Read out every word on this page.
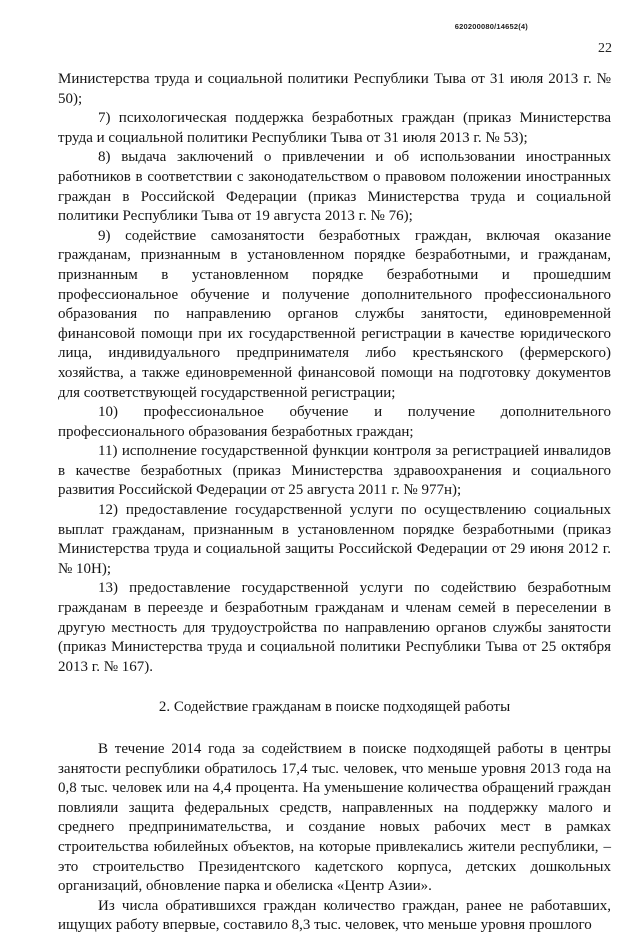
620200080/14652(4)
22

Министерства труда и социальной политики Республики Тыва от 31 июля 2013 г. № 50);

7) психологическая поддержка безработных граждан (приказ Министерства труда и социальной политики Республики Тыва от 31 июля 2013 г. № 53);

8) выдача заключений о привлечении и об использовании иностранных работников в соответствии с законодательством о правовом положении иностранных граждан в Российской Федерации (приказ Министерства труда и социальной политики Республики Тыва от 19 августа 2013 г. № 76);

9) содействие самозанятости безработных граждан, включая оказание гражданам, признанным в установленном порядке безработными, и гражданам, признанным в установленном порядке безработными и прошедшим профессиональное обучение и получение дополнительного профессионального образования по направлению органов службы занятости, единовременной финансовой помощи при их государственной регистрации в качестве юридического лица, индивидуального предпринимателя либо крестьянского (фермерского) хозяйства, а также единовременной финансовой помощи на подготовку документов для соответствующей государственной регистрации;

10) профессиональное обучение и получение дополнительного профессионального образования безработных граждан;

11) исполнение государственной функции контроля за регистрацией инвалидов в качестве безработных (приказ Министерства здравоохранения и социального развития Российской Федерации от 25 августа 2011 г. № 977н);

12) предоставление государственной услуги по осуществлению социальных выплат гражданам, признанным в установленном порядке безработными (приказ Министерства труда и социальной защиты Российской Федерации от 29 июня 2012 г. № 10Н);

13) предоставление государственной услуги по содействию безработным гражданам в переезде и безработным гражданам и членам семей в переселении в другую местность для трудоустройства по направлению органов службы занятости (приказ Министерства труда и социальной политики Республики Тыва от 25 октября 2013 г. № 167).

2. Содействие гражданам в поиске подходящей работы

В течение 2014 года за содействием в поиске подходящей работы в центры занятости республики обратилось 17,4 тыс. человек, что меньше уровня 2013 года на 0,8 тыс. человек или на 4,4 процента. На уменьшение количества обращений граждан повлияли защита федеральных средств, направленных на поддержку малого и среднего предпринимательства, и создание новых рабочих мест в рамках строительства юбилейных объектов, на которые привлекались жители республики, – это строительство Президентского кадетского корпуса, детских дошкольных организаций, обновление парка и обелиска «Центр Азии».

Из числа обратившихся граждан количество граждан, ранее не работавших, ищущих работу впервые, составило 8,3 тыс. человек, что меньше уровня прошлого
